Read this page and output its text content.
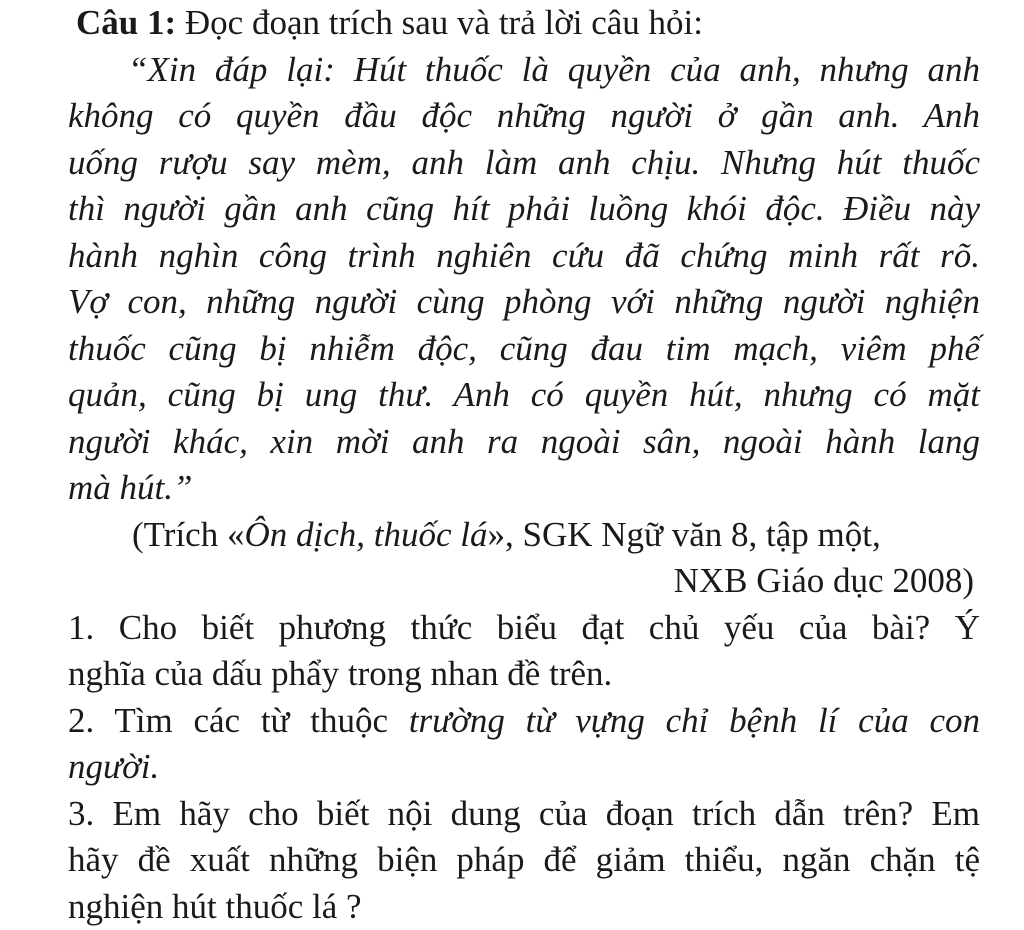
Câu 1: Đọc đoạn trích sau và trả lời câu hỏi:
“Xin đáp lại: Hút thuốc là quyền của anh, nhưng anh
không có quyền đầu độc những người ở gần anh. Anh
uống rượu say mèm, anh làm anh chịu. Nhưng hút thuốc
thì người gần anh cũng hít phải luồng khói độc. Điều này
hành nghìn công trình nghiên cứu đã chứng minh rất rõ.
Vợ con, những người cùng phòng với những người nghiện
thuốc cũng bị nhiễm độc, cũng đau tim mạch, viêm phế
quản, cũng bị ung thư. Anh có quyền hút, nhưng có mặt
người khác, xin mời anh ra ngoài sân, ngoài hành lang
mà hút.”
(Trích «Ôn dịch, thuốc lá», SGK Ngữ văn 8, tập một,
NXB Giáo dục 2008)
1. Cho biết phương thức biểu đạt chủ yếu của bài? Ý
nghĩa của dấu phẩy trong nhan đề trên.
2. Tìm các từ thuộc trường từ vựng chỉ bệnh lí của con
người.
3. Em hãy cho biết nội dung của đoạn trích dẫn trên? Em
hãy đề xuất những biện pháp để giảm thiểu, ngăn chặn tệ
nghiện hút thuốc lá ?
